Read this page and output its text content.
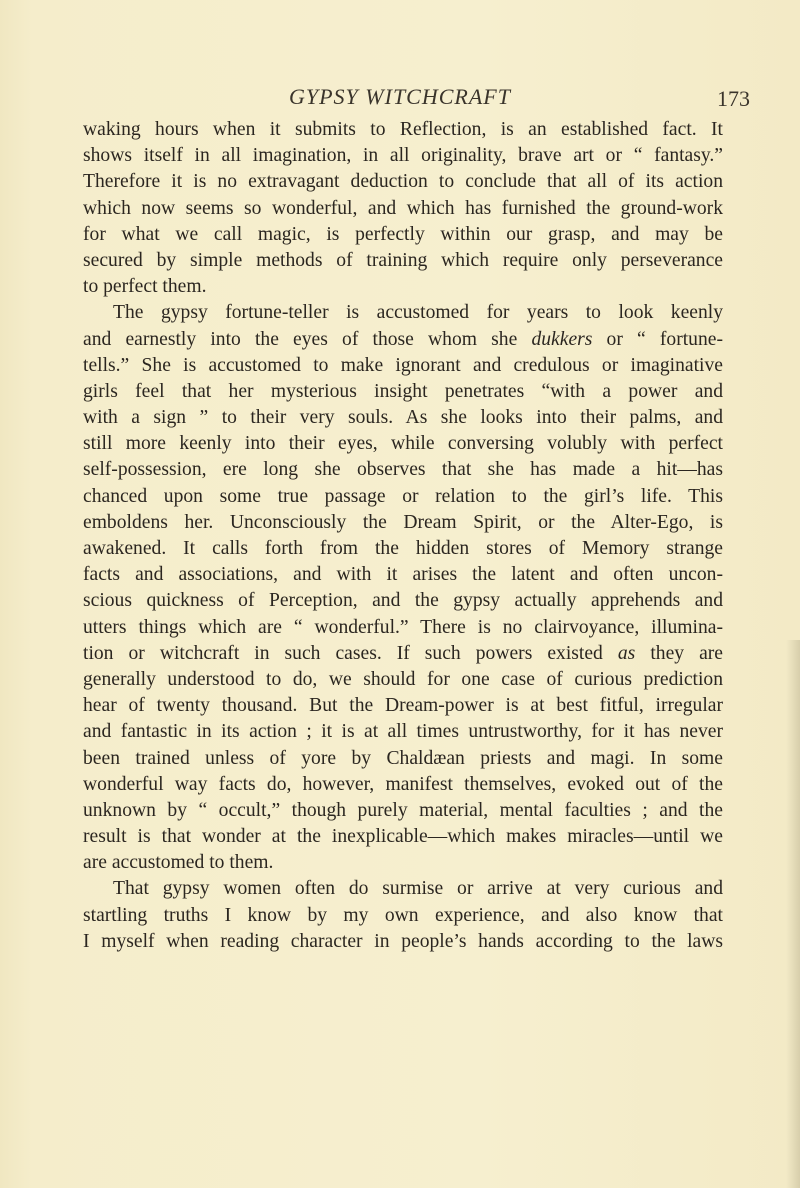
GYPSY WITCHCRAFT	173
waking hours when it submits to Reflection, is an established fact. It
shows itself in all imagination, in all originality, brave art or “ fantasy.”
Therefore it is no extravagant deduction to conclude that all of its action
which now seems so wonderful, and which has furnished the ground-work
for what we call magic, is perfectly within our grasp, and may be
secured by simple methods of training which require only perseverance
to perfect them.
The gypsy fortune-teller is accustomed for years to look keenly
and earnestly into the eyes of those whom she dukkers or “ fortune-
tells.” She is accustomed to make ignorant and credulous or imaginative
girls feel that her mysterious insight penetrates “with a power and
with a sign ” to their very souls. As she looks into their palms, and
still more keenly into their eyes, while conversing volubly with perfect
self-possession, ere long she observes that she has made a hit—has
chanced upon some true passage or relation to the girl’s life. This
emboldens her. Unconsciously the Dream Spirit, or the Alter-Ego, is
awakened. It calls forth from the hidden stores of Memory strange
facts and associations, and with it arises the latent and often uncon-
scious quickness of Perception, and the gypsy actually apprehends and
utters things which are “ wonderful.” There is no clairvoyance, illumina-
tion or witchcraft in such cases. If such powers existed as they are
generally understood to do, we should for one case of curious prediction
hear of twenty thousand. But the Dream-power is at best fitful, irregular
and fantastic in its action ; it is at all times untrustworthy, for it has never
been trained unless of yore by Chaldæan priests and magi. In some
wonderful way facts do, however, manifest themselves, evoked out of the
unknown by “ occult,” though purely material, mental faculties ; and the
result is that wonder at the inexplicable—which makes miracles—until we
are accustomed to them.
That gypsy women often do surmise or arrive at very curious and
startling truths I know by my own experience, and also know that
I myself when reading character in people’s hands according to the laws
